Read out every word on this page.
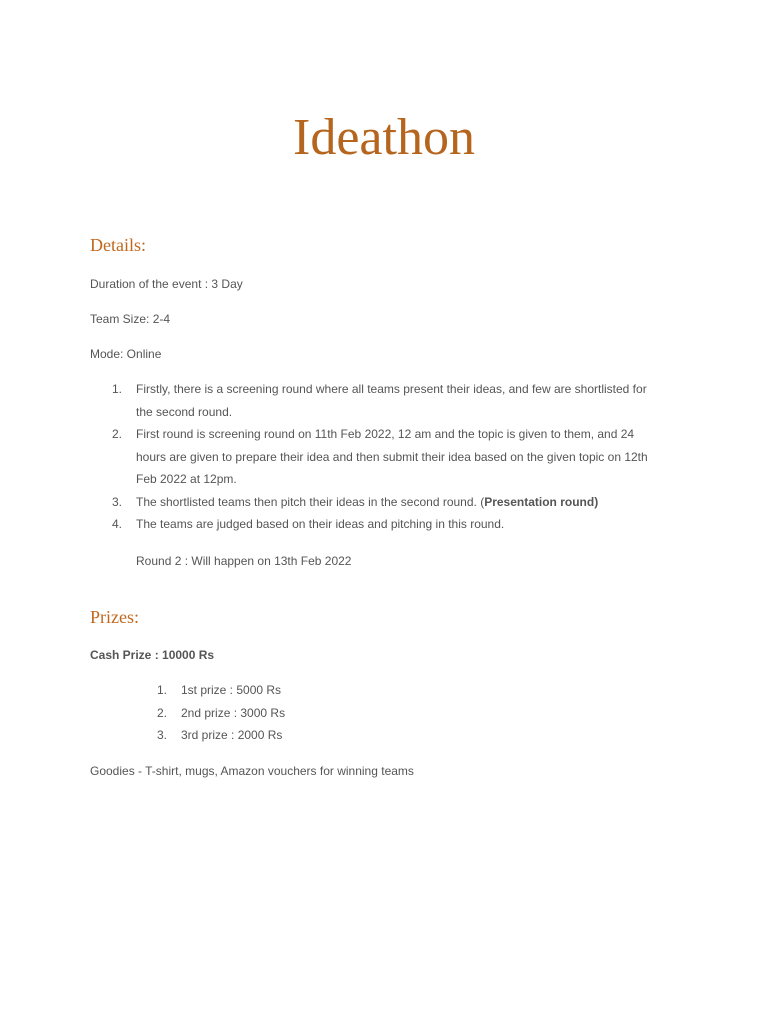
Ideathon
Details:
Duration of the event : 3 Day
Team Size: 2-4
Mode: Online
1. Firstly, there is a screening round where all teams present their ideas, and few are shortlisted for the second round.
2. First round is screening round on 11th Feb 2022, 12 am and the topic is given to them, and 24 hours are given to prepare their idea and then submit their idea based on the given topic on 12th Feb 2022 at 12pm.
3. The shortlisted teams then pitch their ideas in the second round. (Presentation round)
4. The teams are judged based on their ideas and pitching in this round.
Round 2 : Will happen on 13th Feb 2022
Prizes:
Cash Prize : 10000 Rs
1. 1st prize : 5000 Rs
2. 2nd prize : 3000 Rs
3. 3rd prize : 2000 Rs
Goodies - T-shirt, mugs, Amazon vouchers for winning teams
